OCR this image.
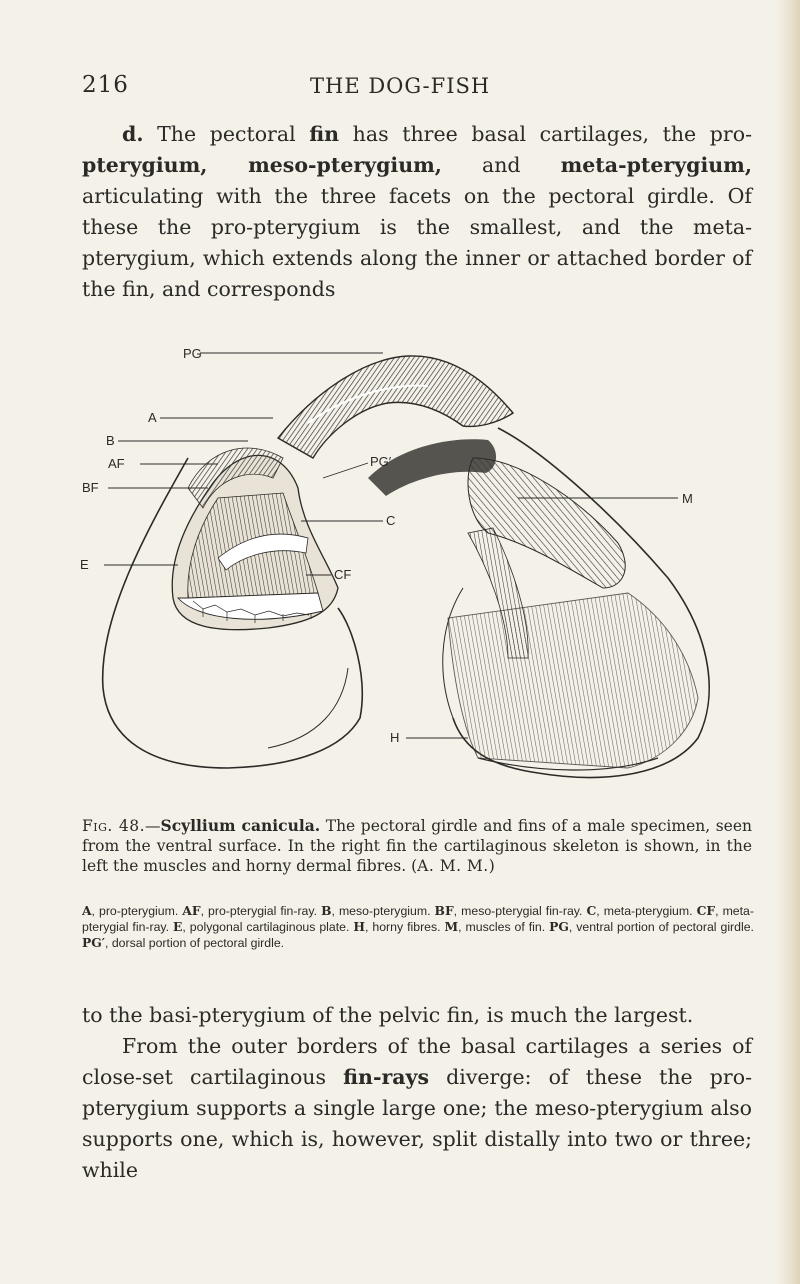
216	THE DOG-FISH

d. The pectoral fin has three basal cartilages, the pro-pterygium, meso-pterygium, and meta-pterygium, articulating with the three facets on the pectoral girdle. Of these the pro-pterygium is the smallest, and the meta-pterygium, which extends along the inner or attached border of the fin, and corresponds

PG
A
B
AF
BF
E
PG′
C
CF
M
H

Fig. 48.—Scyllium canicula. The pectoral girdle and fins of a male specimen, seen from the ventral surface. In the right fin the cartilaginous skeleton is shown, in the left the muscles and horny dermal fibres. (A. M. M.)

A, pro-pterygium. AF, pro-pterygial fin-ray. B, meso-pterygium. BF, meso-pterygial fin-ray. C, meta-pterygium. CF, meta-pterygial fin-ray. E, polygonal cartilaginous plate. H, horny fibres. M, muscles of fin. PG, ventral portion of pectoral girdle. PG′, dorsal portion of pectoral girdle.

to the basi-pterygium of the pelvic fin, is much the largest.

From the outer borders of the basal cartilages a series of close-set cartilaginous fin-rays diverge: of these the pro-pterygium supports a single large one; the meso-pterygium also supports one, which is, however, split distally into two or three; while
